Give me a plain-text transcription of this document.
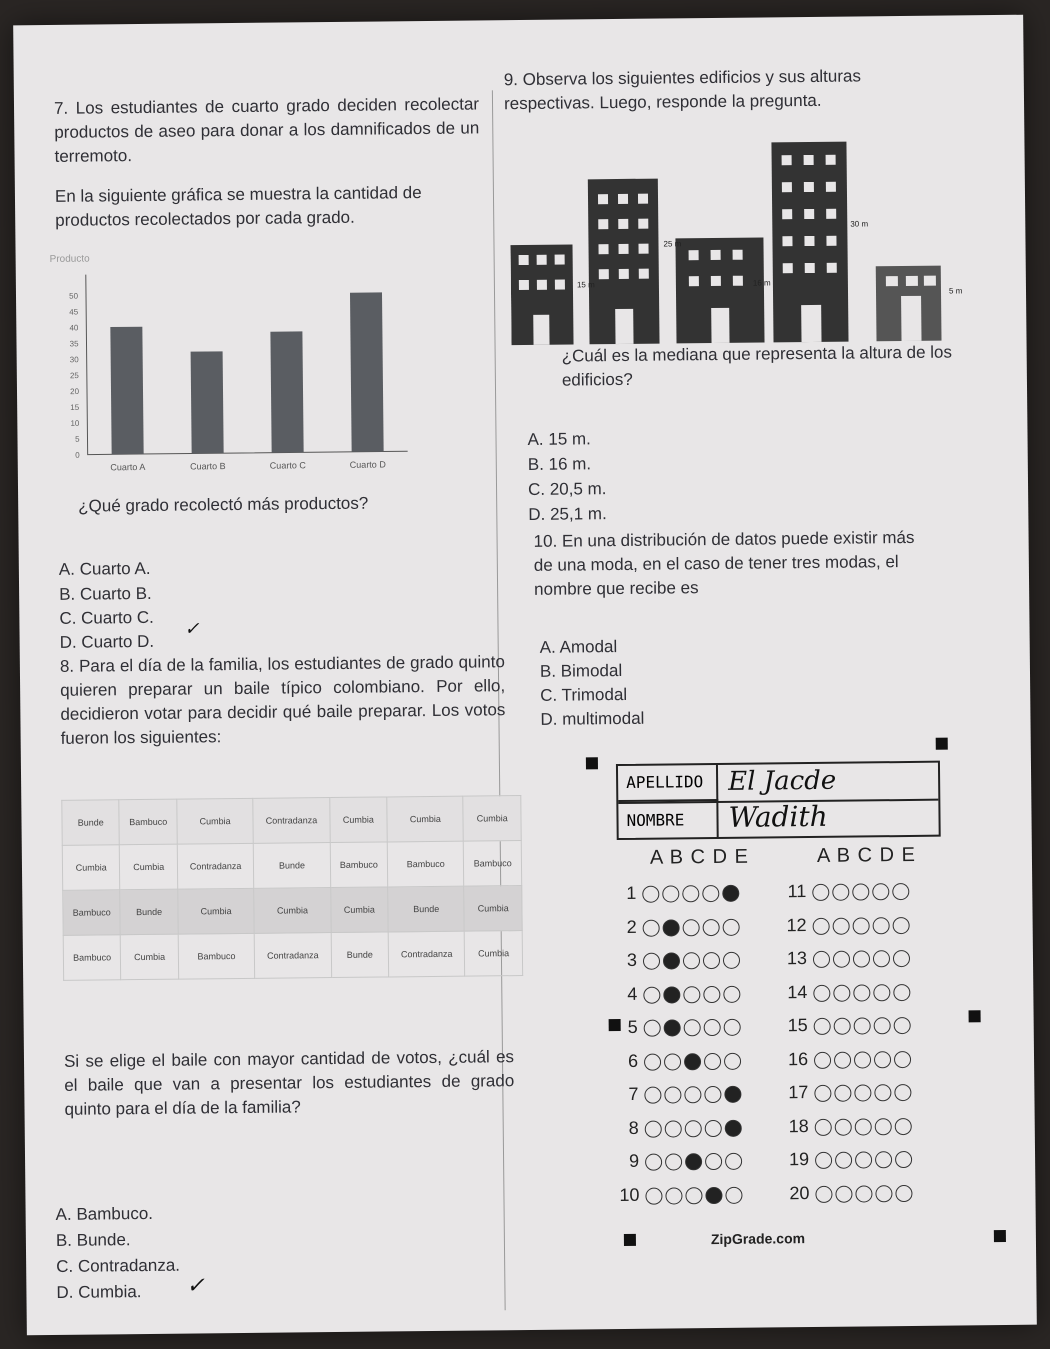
7. Los estudiantes de cuarto grado deciden recolectar productos de aseo para donar a los damnificados de un terremoto.
En la siguiente gráfica se muestra la cantidad de productos recolectados por cada grado.
Producto
0
5
10
15
20
25
30
35
40
45
50
Cuarto A	Cuarto B	Cuarto C	Cuarto D
¿Qué grado recolectó más productos?
A. Cuarto A.
B. Cuarto B.
C. Cuarto C.
D. Cuarto D.
✓
8. Para el día de la familia, los estudiantes de grado quinto quieren preparar un baile típico colombiano. Por ello, decidieron votar para decidir qué baile preparar. Los votos fueron los siguientes:
Bunde	Bambuco	Cumbia	Contradanza	Cumbia	Cumbia	Cumbia
Cumbia	Cumbia	Contradanza	Bunde	Bambuco	Bambuco	Bambuco
Bambuco	Bunde	Cumbia	Cumbia	Cumbia	Bunde	Cumbia
Bambuco	Cumbia	Bambuco	Contradanza	Bunde	Contradanza	Cumbia
Si se elige el baile con mayor cantidad de votos, ¿cuál es el baile que van a presentar los estudiantes de grado quinto para el día de la familia?
A. Bambuco.
B. Bunde.
C. Contradanza.
D. Cumbia. ✓
9. Observa los siguientes edificios y sus alturas respectivas. Luego, responde la pregunta.
15 m
25 m
16 m
30 m
5 m
¿Cuál es la mediana que representa la altura de los edificios?
A. 15 m.
B. 16 m.
C. 20,5 m.
D. 25,1 m.
10. En una distribución de datos puede existir más de una moda, en el caso de tener tres modas, el nombre que recibe es
A. Amodal
B. Bimodal
C. Trimodal
D. multimodal
APELLIDO El Jacde
NOMBRE	Wadith
A B C D E	A B C D E
1
2
3
4
5
6
7
8
9
10
11
12
13
14
15
16
17
18
19
20
ZipGrade.com
